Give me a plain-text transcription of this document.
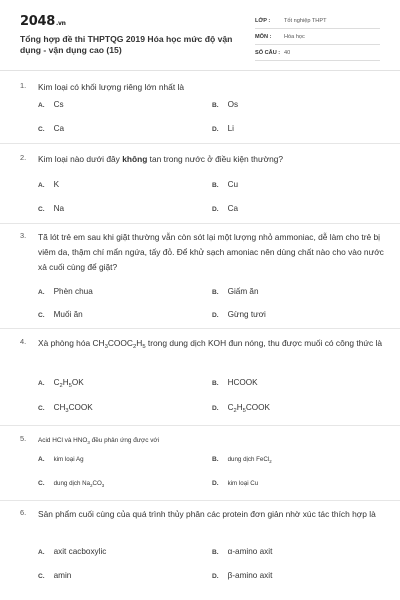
2048.vn
Tổng hợp đề thi THPTQG 2019 Hóa học mức độ vận dụng - vận dụng cao (15)
LỚP : Tốt nghiệp THPT
MÔN : Hóa học
SỐ CÂU : 40
1. Kim loại có khối lượng riêng lớn nhất là
A. Cs	B. Os
C. Ca	D. Li
2. Kim loại nào dưới đây không tan trong nước ở điều kiện thường?
A. K	B. Cu
C. Na	D. Ca
3. Tã lót trẻ em sau khi giặt thường vẫn còn sót lại một lượng nhỏ ammoniac, dễ làm cho trẻ bị viêm da, thậm chí mẩn ngứa, tấy đỏ. Để khử sạch amoniac nên dùng chất nào cho vào nước xả cuối cùng để giặt?
A. Phèn chua	B. Giấm ăn
C. Muối ăn	D. Gừng tươi
4. Xà phòng hóa $CH_3COOC_2H_5$ trong dung dịch KOH đun nóng, thu được muối có công thức là
A. $C_2H_5OK$	B. HCOOK
C. $CH_3COOK$	D. $C_2H_5COOK$
5. Acid HCl và $HNO_3$ đều phản ứng được với
A. kim loại Ag	B. dung dịch FeCl$_2$
C. dung dịch $Na_2CO_3$	D. kim loại Cu
6. Sản phẩm cuối cùng của quá trình thủy phân các protein đơn giản nhờ xúc tác thích hợp là
A. axit cacboxylic	B. α-amino axit
C. amin	D. β-amino axit
